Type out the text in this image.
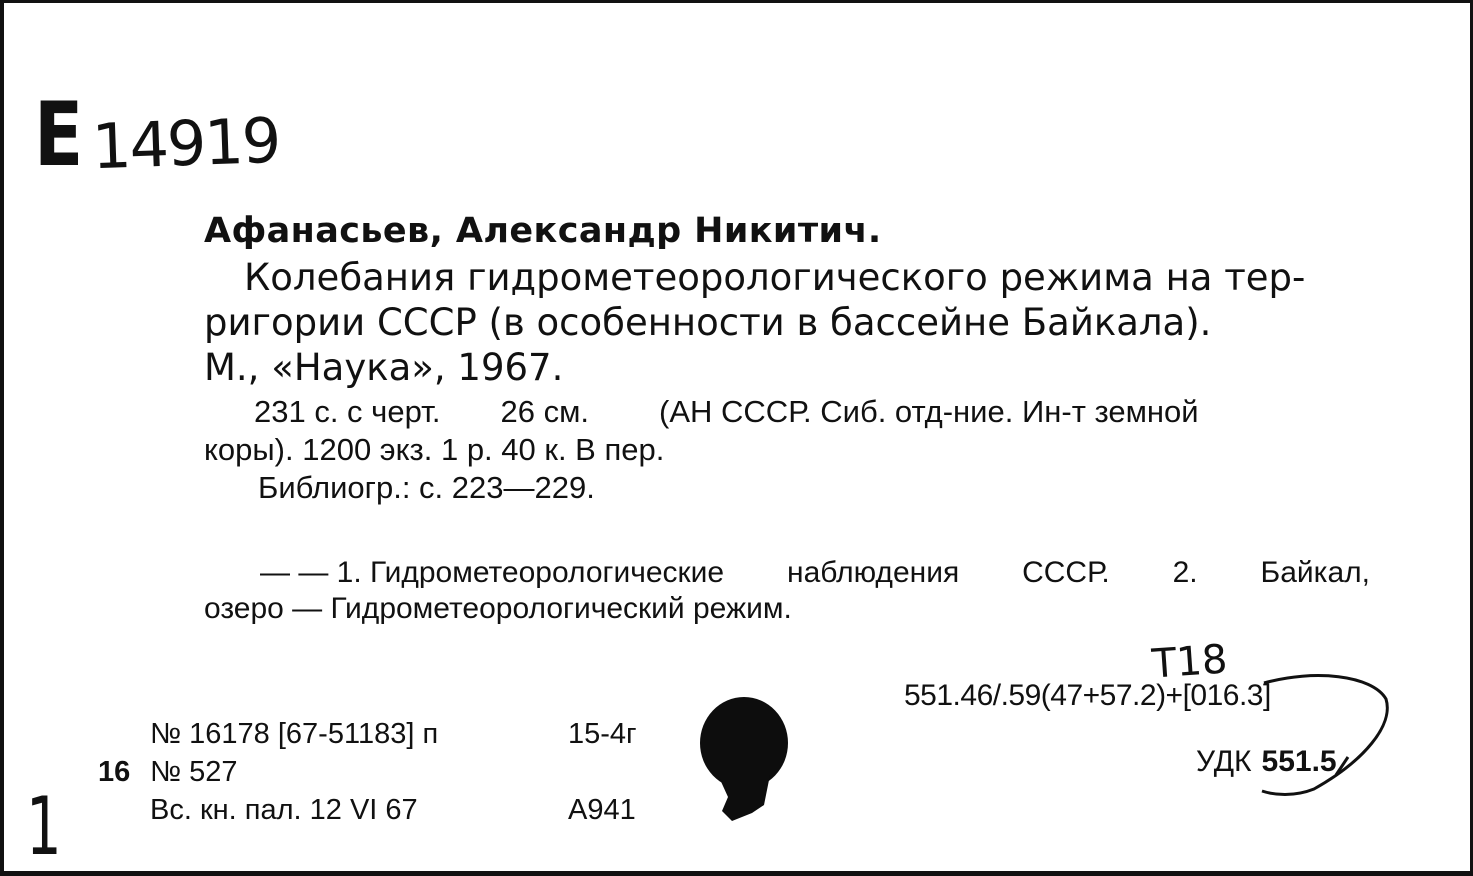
Е 14919
Афанасьев, Александр Никитич.
Колебания гидрометеорологического режима на тер-
ригории СССР (в особенности в бассейне Байкала).
М., «Наука», 1967.
231 с. с черт. 26 см. (АН СССР. Сиб. отд-ние. Ин-т земной
коры). 1200 экз. 1 р. 40 к. В пер.
Библиогр.: с. 223—229.
— — 1. Гидрометеорологические наблюдения СССР. 2. Байкал,
озеро — Гидрометеорологический режим.
Т18
551.46/.59(47+57.2)+[016.3]
УДК 551.5
№ 16178 [67-51183] п	15-4г
16 № 527
Вс. кн. пал. 12 VI 67	А941
1
